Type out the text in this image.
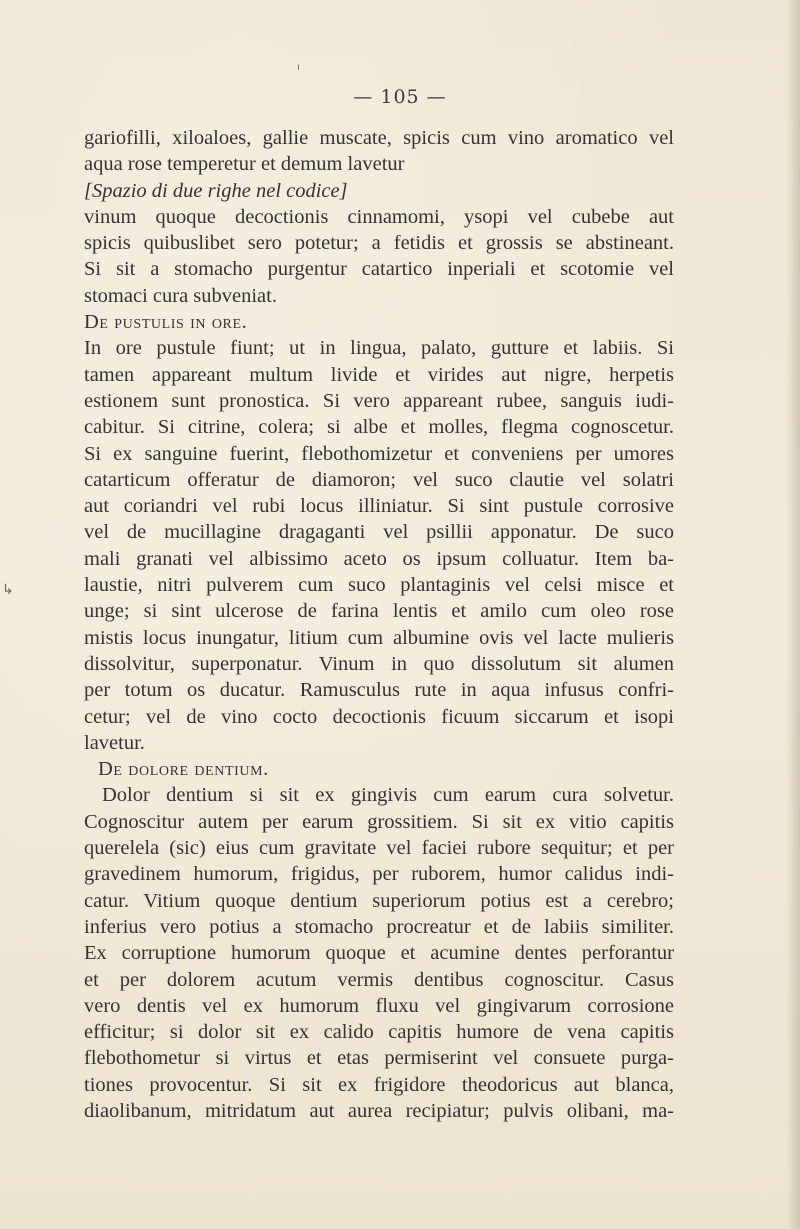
ı
↳
— 105 —
gariofilli, xiloaloes, gallie muscate, spicis cum vino aromatico vel
aqua rose temperetur et demum lavetur
[Spazio di due righe nel codice]
vinum quoque decoctionis cinnamomi, ysopi vel cubebe aut
spicis quibuslibet sero potetur; a fetidis et grossis se abstineant.
Si sit a stomacho purgentur catartico inperiali et scotomie vel
stomaci cura subveniat.
De pustulis in ore.
In ore pustule fiunt; ut in lingua, palato, gutture et labiis. Si
tamen appareant multum livide et virides aut nigre, herpetis
estionem sunt pronostica. Si vero appareant rubee, sanguis iudi-
cabitur. Si citrine, colera; si albe et molles, flegma cognoscetur.
Si ex sanguine fuerint, flebothomizetur et conveniens per umores
catarticum offeratur de diamoron; vel suco clautie vel solatri
aut coriandri vel rubi locus illiniatur. Si sint pustule corrosive
vel de mucillagine dragaganti vel psillii apponatur. De suco
mali granati vel albissimo aceto os ipsum colluatur. Item ba-
laustie, nitri pulverem cum suco plantaginis vel celsi misce et
unge; si sint ulcerose de farina lentis et amilo cum oleo rose
mistis locus inungatur, litium cum albumine ovis vel lacte mulieris
dissolvitur, superponatur. Vinum in quo dissolutum sit alumen
per totum os ducatur. Ramusculus rute in aqua infusus confri-
cetur; vel de vino cocto decoctionis ficuum siccarum et isopi
lavetur.
De dolore dentium.
Dolor dentium si sit ex gingivis cum earum cura solvetur.
Cognoscitur autem per earum grossitiem. Si sit ex vitio capitis
querelela (sic) eius cum gravitate vel faciei rubore sequitur; et per
gravedinem humorum, frigidus, per ruborem, humor calidus indi-
catur. Vitium quoque dentium superiorum potius est a cerebro;
inferius vero potius a stomacho procreatur et de labiis similiter.
Ex corruptione humorum quoque et acumine dentes perforantur
et per dolorem acutum vermis dentibus cognoscitur. Casus
vero dentis vel ex humorum fluxu vel gingivarum corrosione
efficitur; si dolor sit ex calido capitis humore de vena capitis
flebothometur si virtus et etas permiserint vel consuete purga-
tiones provocentur. Si sit ex frigidore theodoricus aut blanca,
diaolibanum, mitridatum aut aurea recipiatur; pulvis olibani, ma-
